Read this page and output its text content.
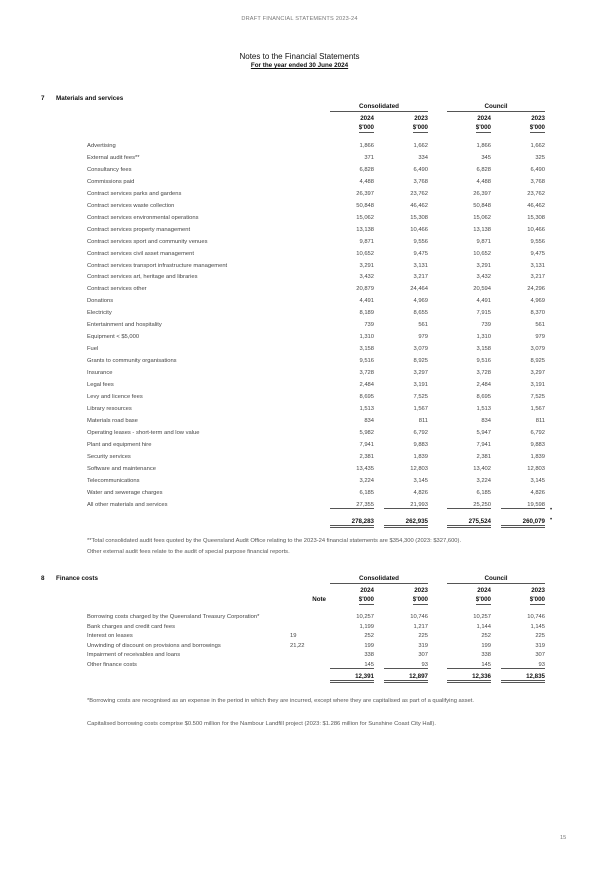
DRAFT FINANCIAL STATEMENTS 2023-24
Notes to the Financial Statements
For the year ended 30 June 2024
7 Materials and services
Consolidated	Council
2024
$'000
2023
$'000
2024
$'000
2023
$'000
Advertising	1,866	1,662	1,866	1,662
External audit fees**	371	334	345	325
Consultancy fees	6,828	6,490	6,828	6,490
Commissions paid	4,488	3,768	4,488	3,768
Contract services parks and gardens	26,397	23,762	26,397	23,762
Contract services waste collection	50,848	46,462	50,848	46,462
Contract services environmental operations	15,062	15,308	15,062	15,308
Contract services property management	13,138	10,466	13,138	10,466
Contract services sport and community venues	9,871	9,556	9,871	9,556
Contract services civil asset management	10,652	9,475	10,652	9,475
Contract services transport infrastructure management	3,291	3,131	3,291	3,131
Contract services art, heritage and libraries	3,432	3,217	3,432	3,217
Contract services other	20,879	24,464	20,594	24,296
Donations	4,491	4,969	4,491	4,969
Electricity	8,189	8,655	7,915	8,370
Entertainment and hospitality	739	561	739	561
Equipment < $5,000	1,310	979	1,310	979
Fuel	3,158	3,079	3,158	3,079
Grants to community organisations	9,516	8,925	9,516	8,925
Insurance	3,728	3,297	3,728	3,297
Legal fees	2,484	3,191	2,484	3,191
Levy and licence fees	8,695	7,525	8,695	7,525
Library resources	1,513	1,567	1,513	1,567
Materials road base	834	811	834	811
Operating leases - short-term and low value	5,982	6,792	5,947	6,792
Plant and equipment hire	7,941	9,883	7,941	9,883
Security services	2,381	1,839	2,381	1,839
Software and maintenance	13,435	12,803	13,402	12,803
Telecommunications	3,224	3,145	3,224	3,145
Water and sewerage charges	6,185	4,826	6,185	4,826
All other materials and services	27,355	21,993	25,250	19,598
278,283	262,935	275,524	260,079
•
•
**Total consolidated audit fees quoted by the Queensland Audit Office relating to the 2023-24 financial statements are $354,300 (2023: $327,600).
Other external audit fees relate to the audit of special purpose financial reports.
8 Finance costs	Consolidated	Council
Note
2024
$'000
2023
$'000
2024
$'000
2023
$'000
Borrowing costs charged by the Queensland Treasury Corporation*	10,257	10,746	10,257	10,746
Bank charges and credit card fees	1,199	1,217	1,144	1,145
Interest on leases	19	252	225	252	225
Unwinding of discount on provisions and borrowings	21,22	199	319	199	319
Impairment of receivables and loans	338	307	338	307
Other finance costs	145	93	145	93
12,391	12,897	12,336	12,835
*Borrowing costs are recognised as an expense in the period in which they are incurred, except where they are capitalised as part of a qualifying asset.
Capitalised borrowing costs comprise $0.500 million for the Nambour Landfill project (2023: $1.286 million for Sunshine Coast City Hall).
15
